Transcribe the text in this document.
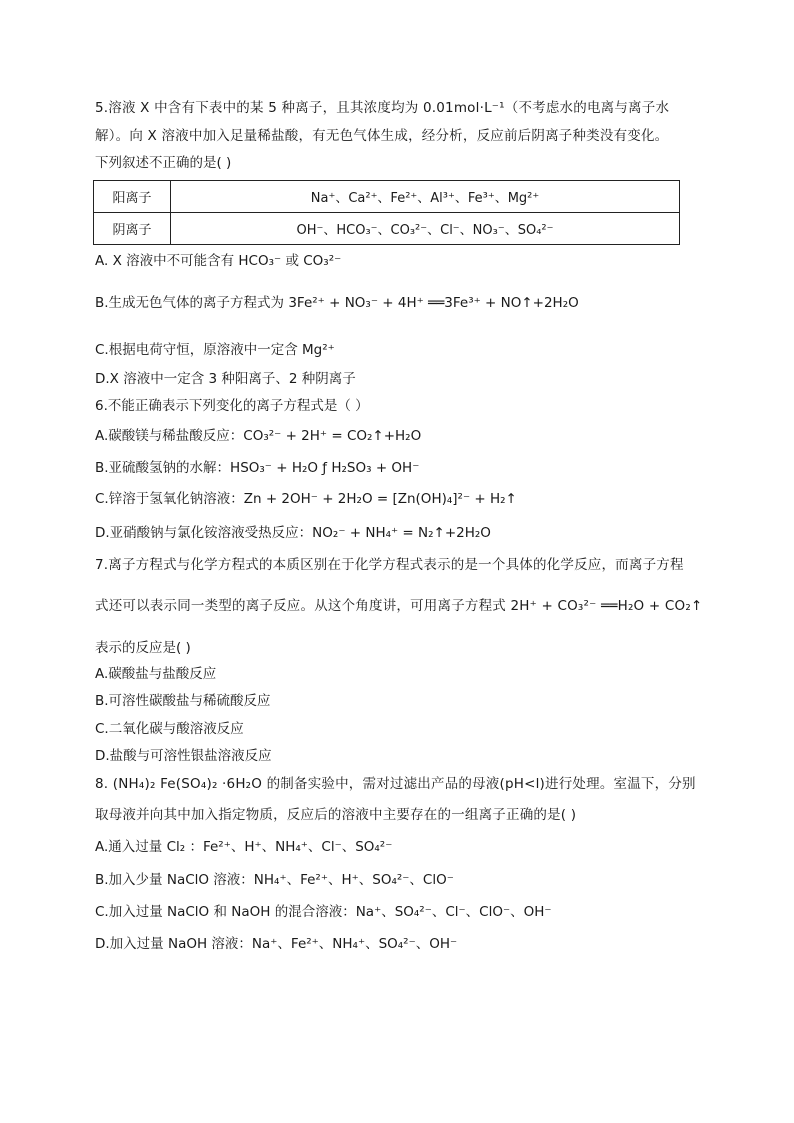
5.溶液 X 中含有下表中的某 5 种离子，且其浓度均为 0.01mol·L⁻¹（不考虑水的电离与离子水
解）。向 X 溶液中加入足量稀盐酸，有无色气体生成，经分析，反应前后阴离子种类没有变化。
下列叙述不正确的是( )
阳离子	Na⁺、Ca²⁺、Fe²⁺、Al³⁺、Fe³⁺、Mg²⁺
阴离子	OH⁻、HCO₃⁻、CO₃²⁻、Cl⁻、NO₃⁻、SO₄²⁻
A. X 溶液中不可能含有 HCO₃⁻ 或 CO₃²⁻
B.生成无色气体的离子方程式为 3Fe²⁺ + NO₃⁻ + 4H⁺ ══3Fe³⁺ + NO↑+2H₂O
C.根据电荷守恒，原溶液中一定含 Mg²⁺
D.X 溶液中一定含 3 种阳离子、2 种阴离子
6.不能正确表示下列变化的离子方程式是（ ）
A.碳酸镁与稀盐酸反应：CO₃²⁻ + 2H⁺ = CO₂↑+H₂O
B.亚硫酸氢钠的水解：HSO₃⁻ + H₂O ƒ H₂SO₃ + OH⁻
C.锌溶于氢氧化钠溶液：Zn + 2OH⁻ + 2H₂O = [Zn(OH)₄]²⁻ + H₂↑
D.亚硝酸钠与氯化铵溶液受热反应：NO₂⁻ + NH₄⁺ = N₂↑+2H₂O
7.离子方程式与化学方程式的本质区别在于化学方程式表示的是一个具体的化学反应，而离子方程
式还可以表示同一类型的离子反应。从这个角度讲，可用离子方程式 2H⁺ + CO₃²⁻ ══H₂O + CO₂↑
表示的反应是( )
A.碳酸盐与盐酸反应
B.可溶性碳酸盐与稀硫酸反应
C.二氧化碳与酸溶液反应
D.盐酸与可溶性银盐溶液反应
8. (NH₄)₂ Fe(SO₄)₂ ·6H₂O 的制备实验中，需对过滤出产品的母液(pH<l)进行处理。室温下，分别
取母液并向其中加入指定物质，反应后的溶液中主要存在的一组离子正确的是( )
A.通入过量 Cl₂ ：Fe²⁺、H⁺、NH₄⁺、Cl⁻、SO₄²⁻
B.加入少量 NaClO 溶液：NH₄⁺、Fe²⁺、H⁺、SO₄²⁻、ClO⁻
C.加入过量 NaClO 和 NaOH 的混合溶液：Na⁺、SO₄²⁻、Cl⁻、ClO⁻、OH⁻
D.加入过量 NaOH 溶液：Na⁺、Fe²⁺、NH₄⁺、SO₄²⁻、OH⁻
